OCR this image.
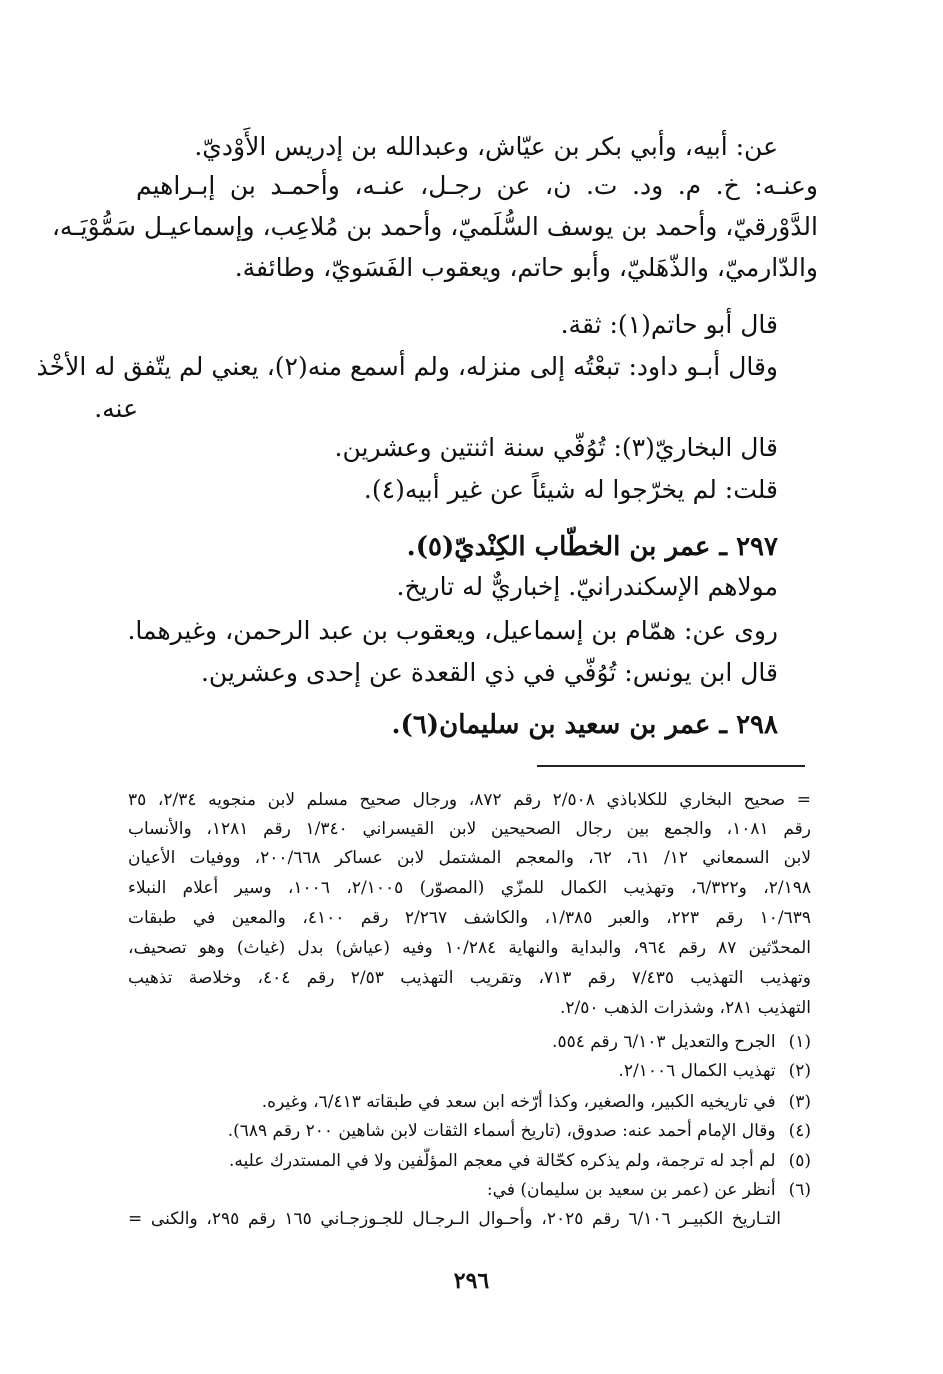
عن: أبيه، وأبي بكر بن عيّاش، وعبدالله بن إدريس الأَوْديّ.
وعنـه: خ. م. ود. ت. ن، عن رجـل، عنـه، وأحمـد بن إبـراهيم
الدَّوْرقيّ، وأحمد بن يوسف السُّلَميّ، وأحمد بن مُلاعِب، وإسماعيـل سَمُّوْيَـه،
والدّارميّ، والذّهَليّ، وأبو حاتم، ويعقوب الفَسَويّ، وطائفة.
قال أبو حاتم(١): ثقة.
وقال أبـو داود: تبعْتُه إلى منزله، ولم أسمع منه(٢)، يعني لم يتّفق له الأخْذ
عنه.
قال البخاريّ(٣): تُوُفّي سنة اثنتين وعشرين.
قلت: لم يخرّجوا له شيئاً عن غير أبيه(٤).
٢٩٧ ـ عمر بن الخطّاب الكِنْديّ(٥).
مولاهم الإسكندرانيّ. إخباريٌّ له تاريخ.
روى عن: همّام بن إسماعيل، ويعقوب بن عبد الرحمن، وغيرهما.
قال ابن يونس: تُوُفّي في ذي القعدة عن إحدى وعشرين.
٢٩٨ ـ عمر بن سعيد بن سليمان(٦).
= صحيح البخاري للكلاباذي ٢/٥٠٨ رقم ٨٧٢، ورجال صحيح مسلم لابن منجويه ٢/٣٤، ٣٥
رقم ١٠٨١، والجمع بين رجال الصحيحين لابن القيسراني ١/٣٤٠ رقم ١٢٨١، والأنساب
لابن السمعاني ١٢/ ٦١، ٦٢، والمعجم المشتمل لابن عساكر ٢٠٠/٦٦٨، ووفيات الأعيان
٢/١٩٨، و٦/٣٢٢، وتهذيب الكمال للمزّي (المصوّر) ٢/١٠٠٥، ١٠٠٦، وسير أعلام النبلاء
١٠/٦٣٩ رقم ٢٢٣، والعبر ١/٣٨٥، والكاشف ٢/٢٦٧ رقم ٤١٠٠، والمعين في طبقات
المحدّثين ٨٧ رقم ٩٦٤، والبداية والنهاية ١٠/٢٨٤ وفيه (عياش) بدل (غياث) وهو تصحيف،
وتهذيب التهذيب ٧/٤٣٥ رقم ٧١٣، وتقريب التهذيب ٢/٥٣ رقم ٤٠٤، وخلاصة تذهيب
التهذيب ٢٨١، وشذرات الذهب ٢/٥٠.
(١) الجرح والتعديل ٦/١٠٣ رقم ٥٥٤.
(٢) تهذيب الكمال ٢/١٠٠٦.
(٣) في تاريخيه الكبير، والصغير، وكذا أرّخه ابن سعد في طبقاته ٦/٤١٣، وغيره.
(٤) وقال الإمام أحمد عنه: صدوق، (تاريخ أسماء الثقات لابن شاهين ٢٠٠ رقم ٦٨٩).
(٥) لم أجد له ترجمة، ولم يذكره كحّالة في معجم المؤلّفين ولا في المستدرك عليه.
(٦) أنظر عن (عمر بن سعيد بن سليمان) في:
التـاريخ الكبيـر ٦/١٠٦ رقم ٢٠٢٥، وأحـوال الـرجـال للجـوزجـاني ١٦٥ رقم ٢٩٥، والكنى =
٢٩٦
